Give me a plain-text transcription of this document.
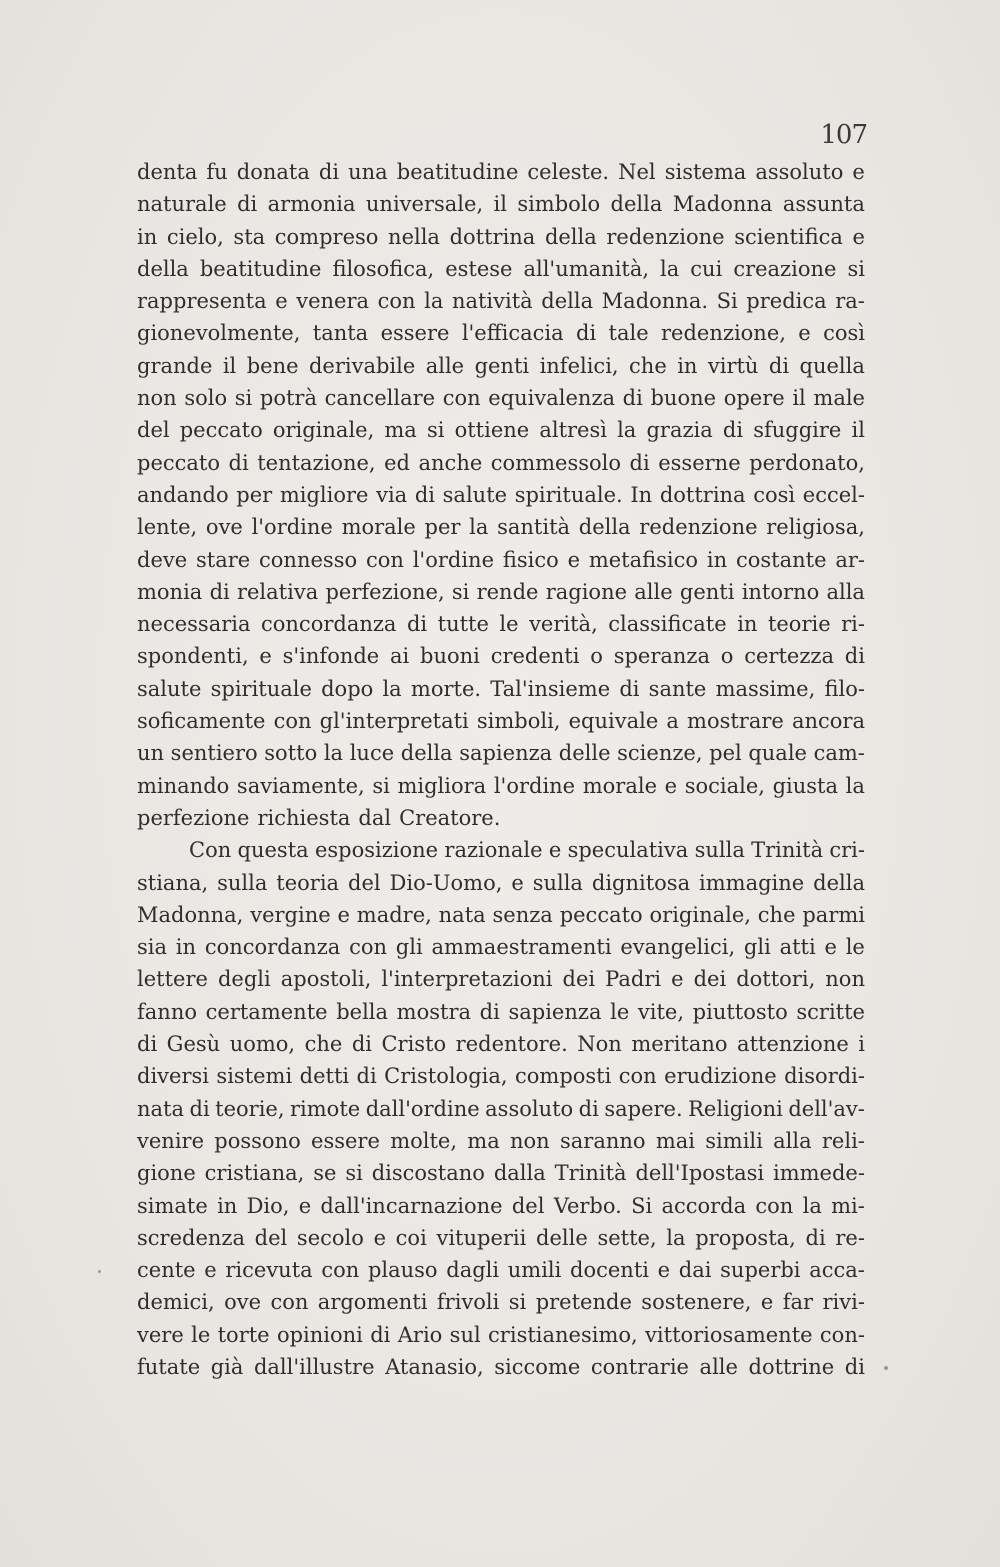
107
denta fu donata di una beatitudine celeste. Nel sistema assoluto e
naturale di armonia universale, il simbolo della Madonna assunta
in cielo, sta compreso nella dottrina della redenzione scientifica e
della beatitudine filosofica, estese all'umanità, la cui creazione si
rappresenta e venera con la natività della Madonna. Si predica ra-
gionevolmente, tanta essere l'efficacia di tale redenzione, e così
grande il bene derivabile alle genti infelici, che in virtù di quella
non solo si potrà cancellare con equivalenza di buone opere il male
del peccato originale, ma si ottiene altresì la grazia di sfuggire il
peccato di tentazione, ed anche commessolo di esserne perdonato,
andando per migliore via di salute spirituale. In dottrina così eccel-
lente, ove l'ordine morale per la santità della redenzione religiosa,
deve stare connesso con l'ordine fisico e metafisico in costante ar-
monia di relativa perfezione, si rende ragione alle genti intorno alla
necessaria concordanza di tutte le verità, classificate in teorie ri-
spondenti, e s'infonde ai buoni credenti o speranza o certezza di
salute spirituale dopo la morte. Tal'insieme di sante massime, filo-
soficamente con gl'interpretati simboli, equivale a mostrare ancora
un sentiero sotto la luce della sapienza delle scienze, pel quale cam-
minando saviamente, si migliora l'ordine morale e sociale, giusta la
perfezione richiesta dal Creatore.
Con questa esposizione razionale e speculativa sulla Trinità cri-
stiana, sulla teoria del Dio-Uomo, e sulla dignitosa immagine della
Madonna, vergine e madre, nata senza peccato originale, che parmi
sia in concordanza con gli ammaestramenti evangelici, gli atti e le
lettere degli apostoli, l'interpretazioni dei Padri e dei dottori, non
fanno certamente bella mostra di sapienza le vite, piuttosto scritte
di Gesù uomo, che di Cristo redentore. Non meritano attenzione i
diversi sistemi detti di Cristologia, composti con erudizione disordi-
nata di teorie, rimote dall'ordine assoluto di sapere. Religioni dell'av-
venire possono essere molte, ma non saranno mai simili alla reli-
gione cristiana, se si discostano dalla Trinità dell'Ipostasi immede-
simate in Dio, e dall'incarnazione del Verbo. Si accorda con la mi-
scredenza del secolo e coi vituperii delle sette, la proposta, di re-
cente e ricevuta con plauso dagli umili docenti e dai superbi acca-
demici, ove con argomenti frivoli si pretende sostenere, e far rivi-
vere le torte opinioni di Ario sul cristianesimo, vittoriosamente con-
futate già dall'illustre Atanasio, siccome contrarie alle dottrine di
